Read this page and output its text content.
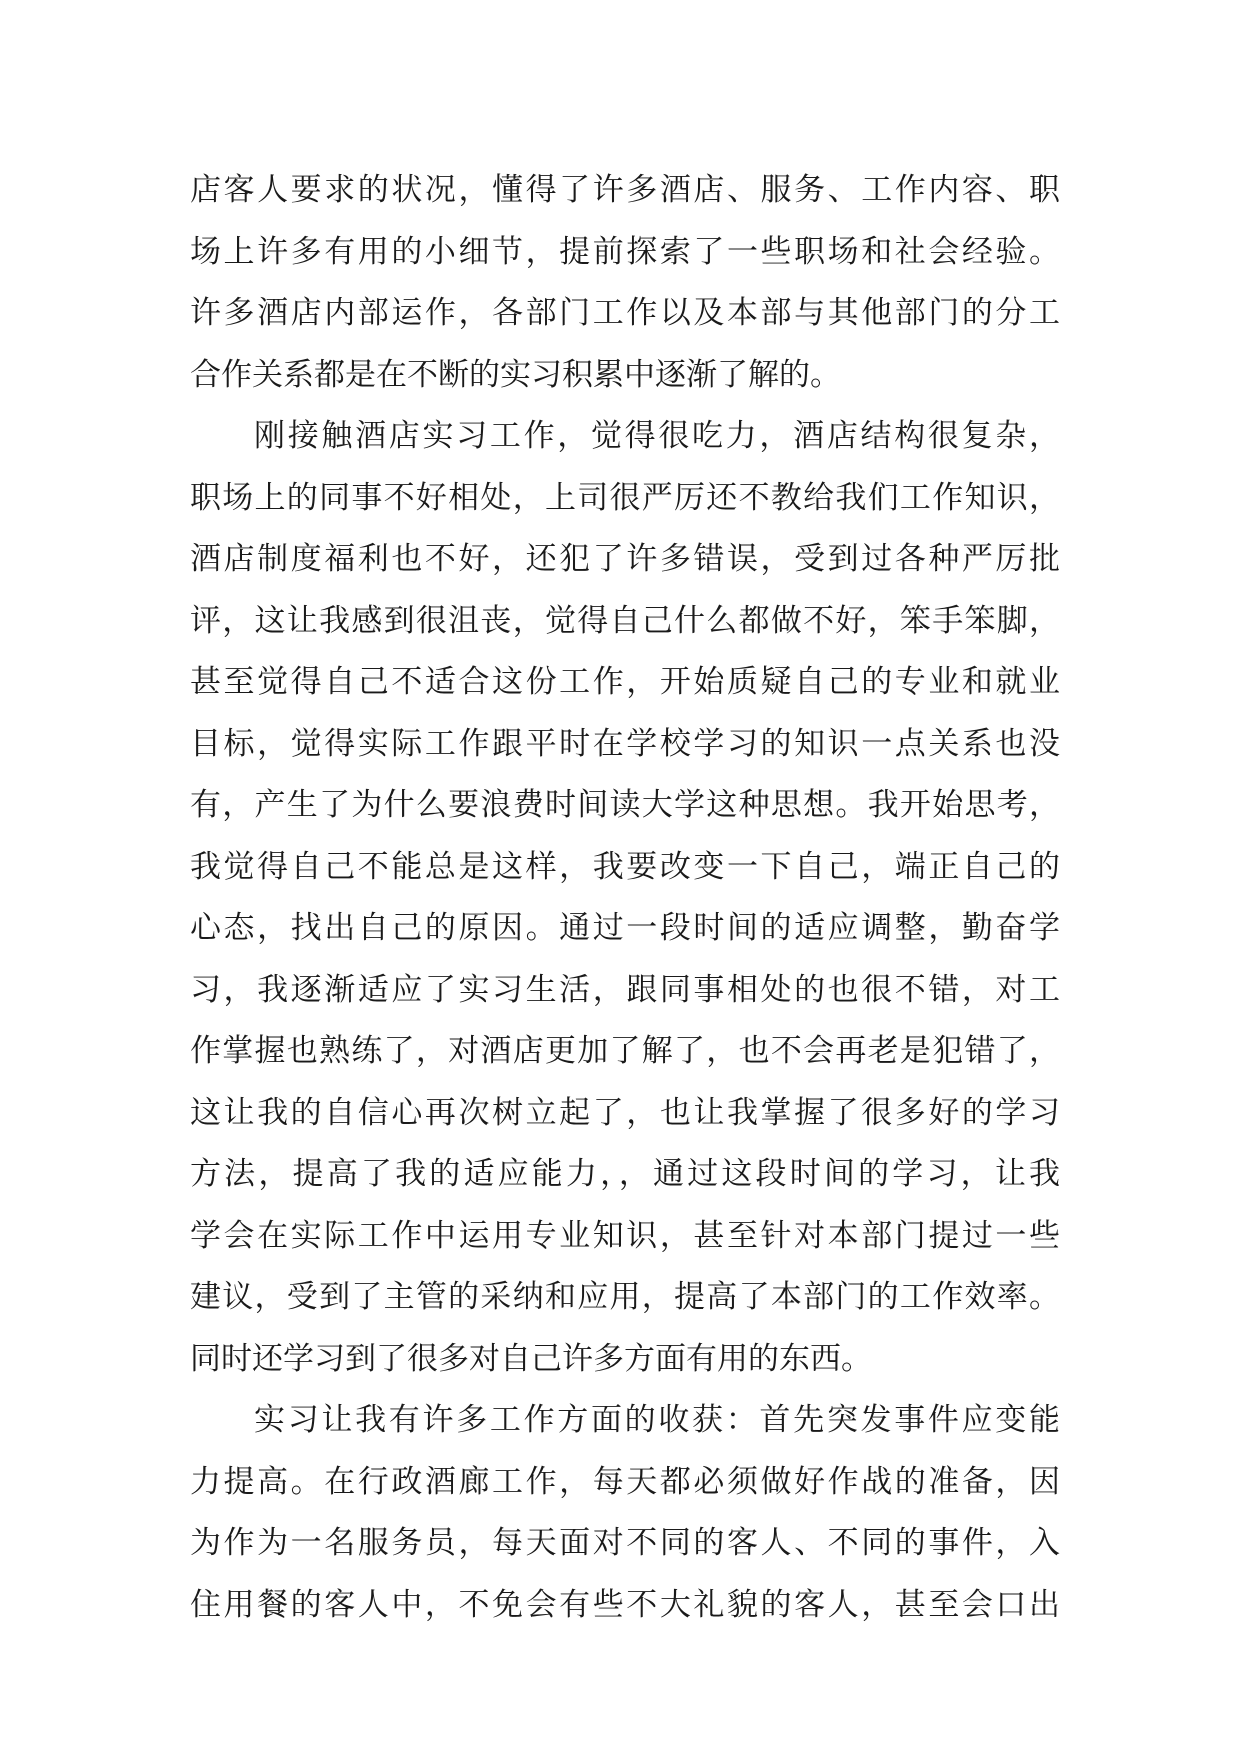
店客人要求的状况，懂得了许多酒店、服务、工作内容、职
场上许多有用的小细节，提前探索了一些职场和社会经验。
许多酒店内部运作，各部门工作以及本部与其他部门的分工
合作关系都是在不断的实习积累中逐渐了解的。
刚接触酒店实习工作，觉得很吃力，酒店结构很复杂，
职场上的同事不好相处，上司很严厉还不教给我们工作知识，
酒店制度福利也不好，还犯了许多错误，受到过各种严厉批
评，这让我感到很沮丧，觉得自己什么都做不好，笨手笨脚，
甚至觉得自己不适合这份工作，开始质疑自己的专业和就业
目标，觉得实际工作跟平时在学校学习的知识一点关系也没
有，产生了为什么要浪费时间读大学这种思想。我开始思考，
我觉得自己不能总是这样，我要改变一下自己，端正自己的
心态，找出自己的原因。通过一段时间的适应调整，勤奋学
习，我逐渐适应了实习生活，跟同事相处的也很不错，对工
作掌握也熟练了，对酒店更加了解了，也不会再老是犯错了，
这让我的自信心再次树立起了，也让我掌握了很多好的学习
方法，提高了我的适应能力，，通过这段时间的学习，让我
学会在实际工作中运用专业知识，甚至针对本部门提过一些
建议，受到了主管的采纳和应用，提高了本部门的工作效率。
同时还学习到了很多对自己许多方面有用的东西。
实习让我有许多工作方面的收获：首先突发事件应变能
力提高。在行政酒廊工作，每天都必须做好作战的准备，因
为作为一名服务员，每天面对不同的客人、不同的事件，入
住用餐的客人中，不免会有些不大礼貌的客人，甚至会口出
